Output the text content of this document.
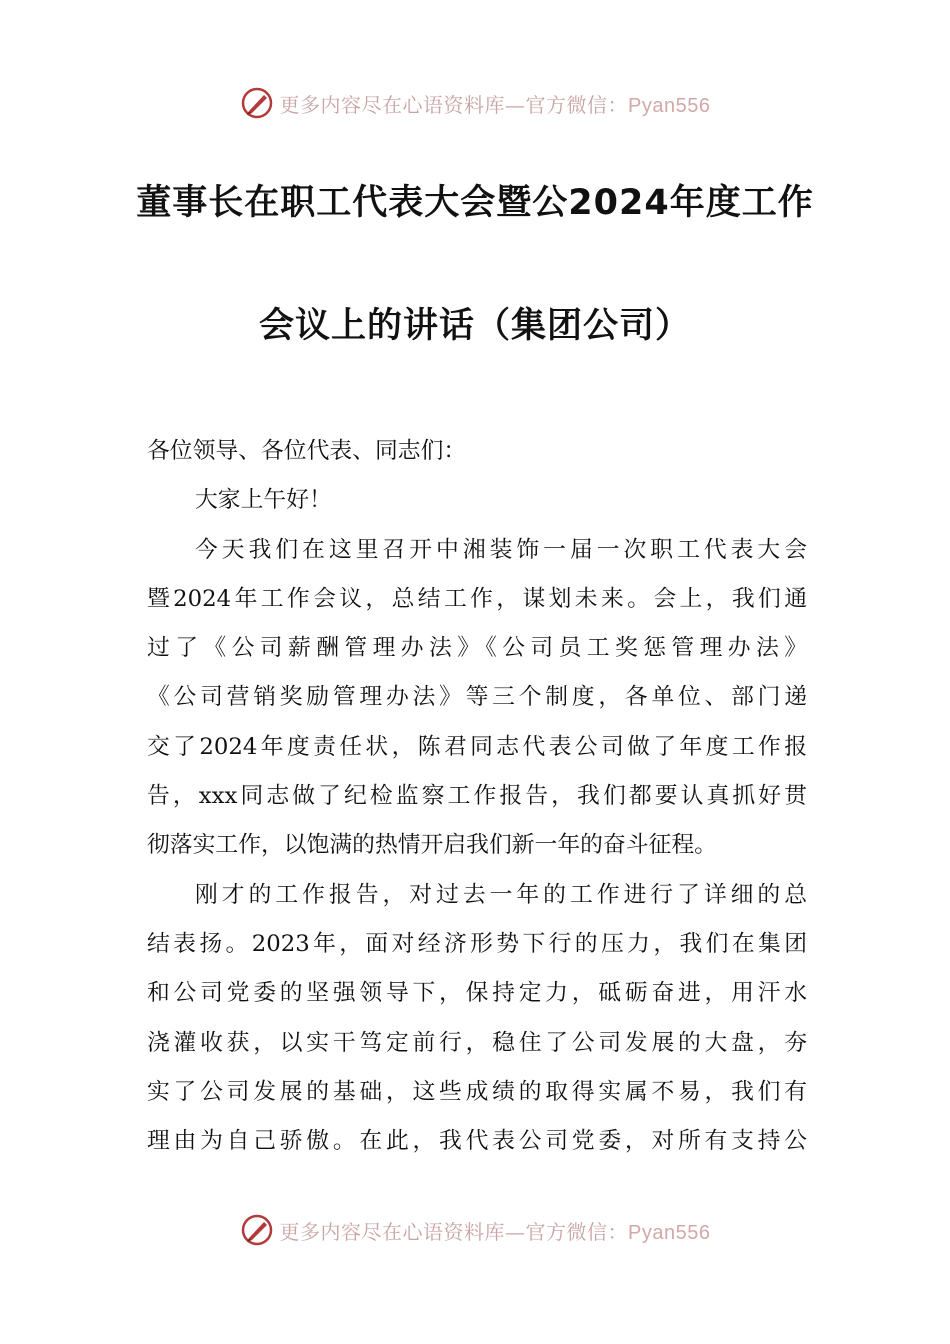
更多内容尽在心语资料库—官方微信：Pyan556
董事长在职工代表大会暨公2024年度工作
会议上的讲话（集团公司）
各位领导、各位代表、同志们：
大家上午好！
今天我们在这里召开中湘装饰一届一次职工代表大会
暨2024年工作会议，总结工作，谋划未来。会上，我们通
过了《公司薪酬管理办法》《公司员工奖惩管理办法》
《公司营销奖励管理办法》等三个制度，各单位、部门递
交了2024年度责任状，陈君同志代表公司做了年度工作报
告，xxx同志做了纪检监察工作报告，我们都要认真抓好贯
彻落实工作，以饱满的热情开启我们新一年的奋斗征程。
刚才的工作报告，对过去一年的工作进行了详细的总
结表扬。2023年，面对经济形势下行的压力，我们在集团
和公司党委的坚强领导下，保持定力，砥砺奋进，用汗水
浇灌收获，以实干笃定前行，稳住了公司发展的大盘，夯
实了公司发展的基础，这些成绩的取得实属不易，我们有
理由为自己骄傲。在此，我代表公司党委，对所有支持公
更多内容尽在心语资料库—官方微信：Pyan556
